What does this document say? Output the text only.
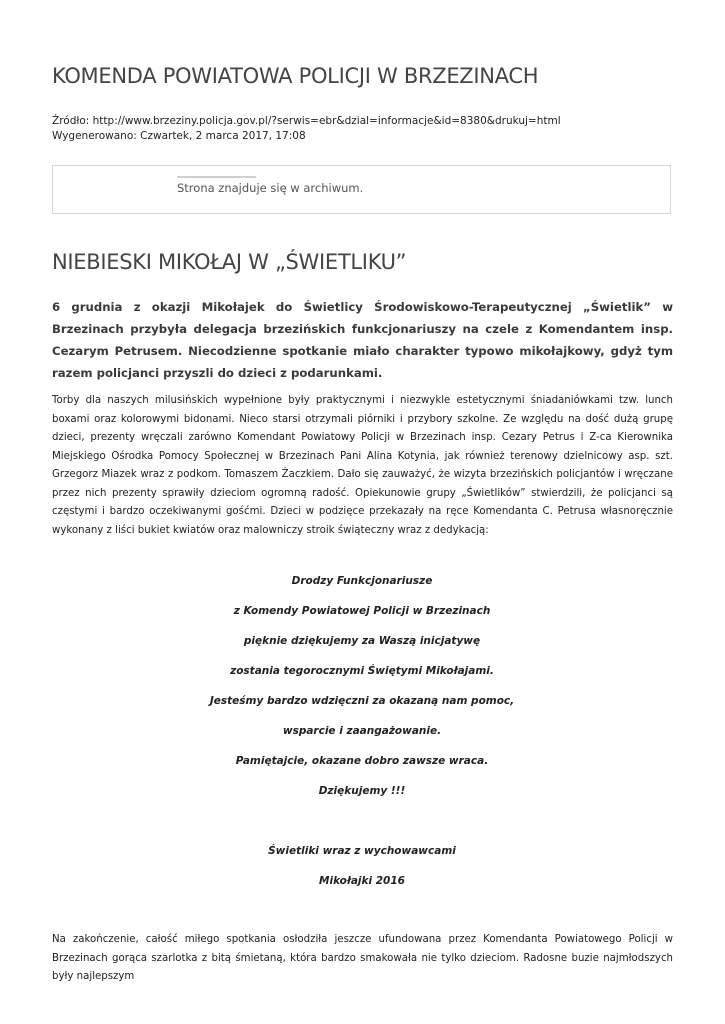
KOMENDA POWIATOWA POLICJI W BRZEZINACH
Źródło: http://www.brzeziny.policja.gov.pl/?serwis=ebr&dzial=informacje&id=8380&drukuj=html
Wygenerowano: Czwartek, 2 marca 2017, 17:08
Strona znajduje się w archiwum.
NIEBIESKI MIKOŁAJ W „ŚWIETLIKU”

6 grudnia z okazji Mikołajek do Świetlicy Środowiskowo-Terapeutycznej „Świetlik” w Brzezinach przybyła delegacja brzezińskich funkcjonariuszy na czele z Komendantem insp. Cezarym Petrusem. Niecodzienne spotkanie miało charakter typowo mikołajkowy, gdyż tym razem policjanci przyszli do dzieci z podarunkami.

Torby dla naszych milusińskich wypełnione były praktycznymi i niezwykle estetycznymi śniadaniówkami tzw. lunch boxami oraz kolorowymi bidonami. Nieco starsi otrzymali piórniki i przybory szkolne. Ze względu na dość dużą grupę dzieci, prezenty wręczali zarówno Komendant Powiatowy Policji w Brzezinach insp. Cezary Petrus i Z-ca Kierownika Miejskiego Ośrodka Pomocy Społecznej w Brzezinach Pani Alina Kotynia, jak również terenowy dzielnicowy asp. szt. Grzegorz Miazek wraz z podkom. Tomaszem Żaczkiem. Dało się zauważyć, że wizyta brzezińskich policjantów i wręczane przez nich prezenty sprawiły dzieciom ogromną radość. Opiekunowie grupy „Świetlików” stwierdzili, że policjanci są częstymi i bardzo oczekiwanymi gośćmi. Dzieci w podzięce przekazały na ręce Komendanta C. Petrusa własnoręcznie wykonany z liści bukiet kwiatów oraz malowniczy stroik świąteczny wraz z dedykacją:

Drodzy Funkcjonariusze
z Komendy Powiatowej Policji w Brzezinach
pięknie dziękujemy za Waszą inicjatywę
zostania tegorocznymi Świętymi Mikołajami.
Jesteśmy bardzo wdzięczni za okazaną nam pomoc,
wsparcie i zaangażowanie.
Pamiętajcie, okazane dobro zawsze wraca.
Dziękujemy !!!
Świetliki wraz z wychowawcami
Mikołajki 2016

Na zakończenie, całość miłego spotkania osłodziła jeszcze ufundowana przez Komendanta Powiatowego Policji w Brzezinach gorąca szarlotka z bitą śmietaną, która bardzo smakowała nie tylko dzieciom. Radosne buzie najmłodszych były najlepszym
